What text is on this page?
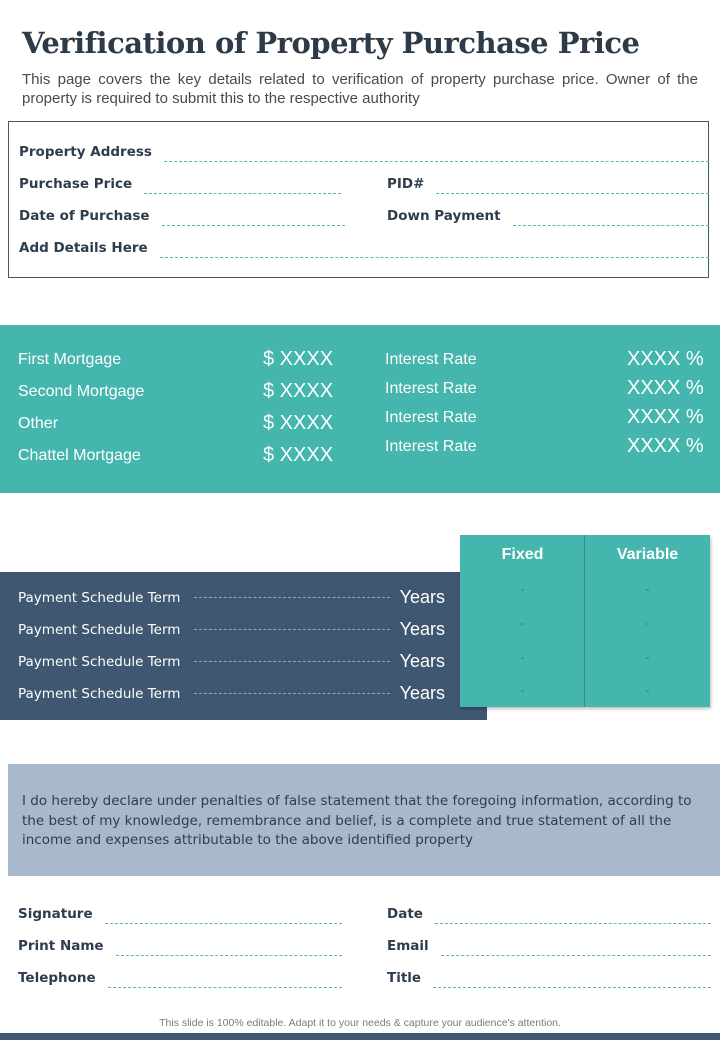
Verification of Property Purchase Price

This page covers the key details related to verification of property purchase price. Owner of the property is required to submit this to the respective authority

Property Address
Purchase Price	PID#
Date of Purchase	Down Payment
Add Details Here
First Mortgage	$ XXXX	Interest Rate	XXXX %
Second Mortgage	$ XXXX	Interest Rate	XXXX %
Other	$ XXXX	Interest Rate	XXXX %
Chattel Mortgage	$ XXXX	Interest Rate	XXXX %
Payment Schedule Term	Years
Payment Schedule Term	Years
Payment Schedule Term	Years
Payment Schedule Term	Years
Fixed	Variable
-	-
-	-
-	-
-	-

I do hereby declare under penalties of false statement that the foregoing information, according to the best of my knowledge, remembrance and belief, is a complete and true statement of all the income and expenses attributable to the above identified property

Signature	Date
Print Name	Email
Telephone	Title
This slide is 100% editable. Adapt it to your needs & capture your audience's attention.
